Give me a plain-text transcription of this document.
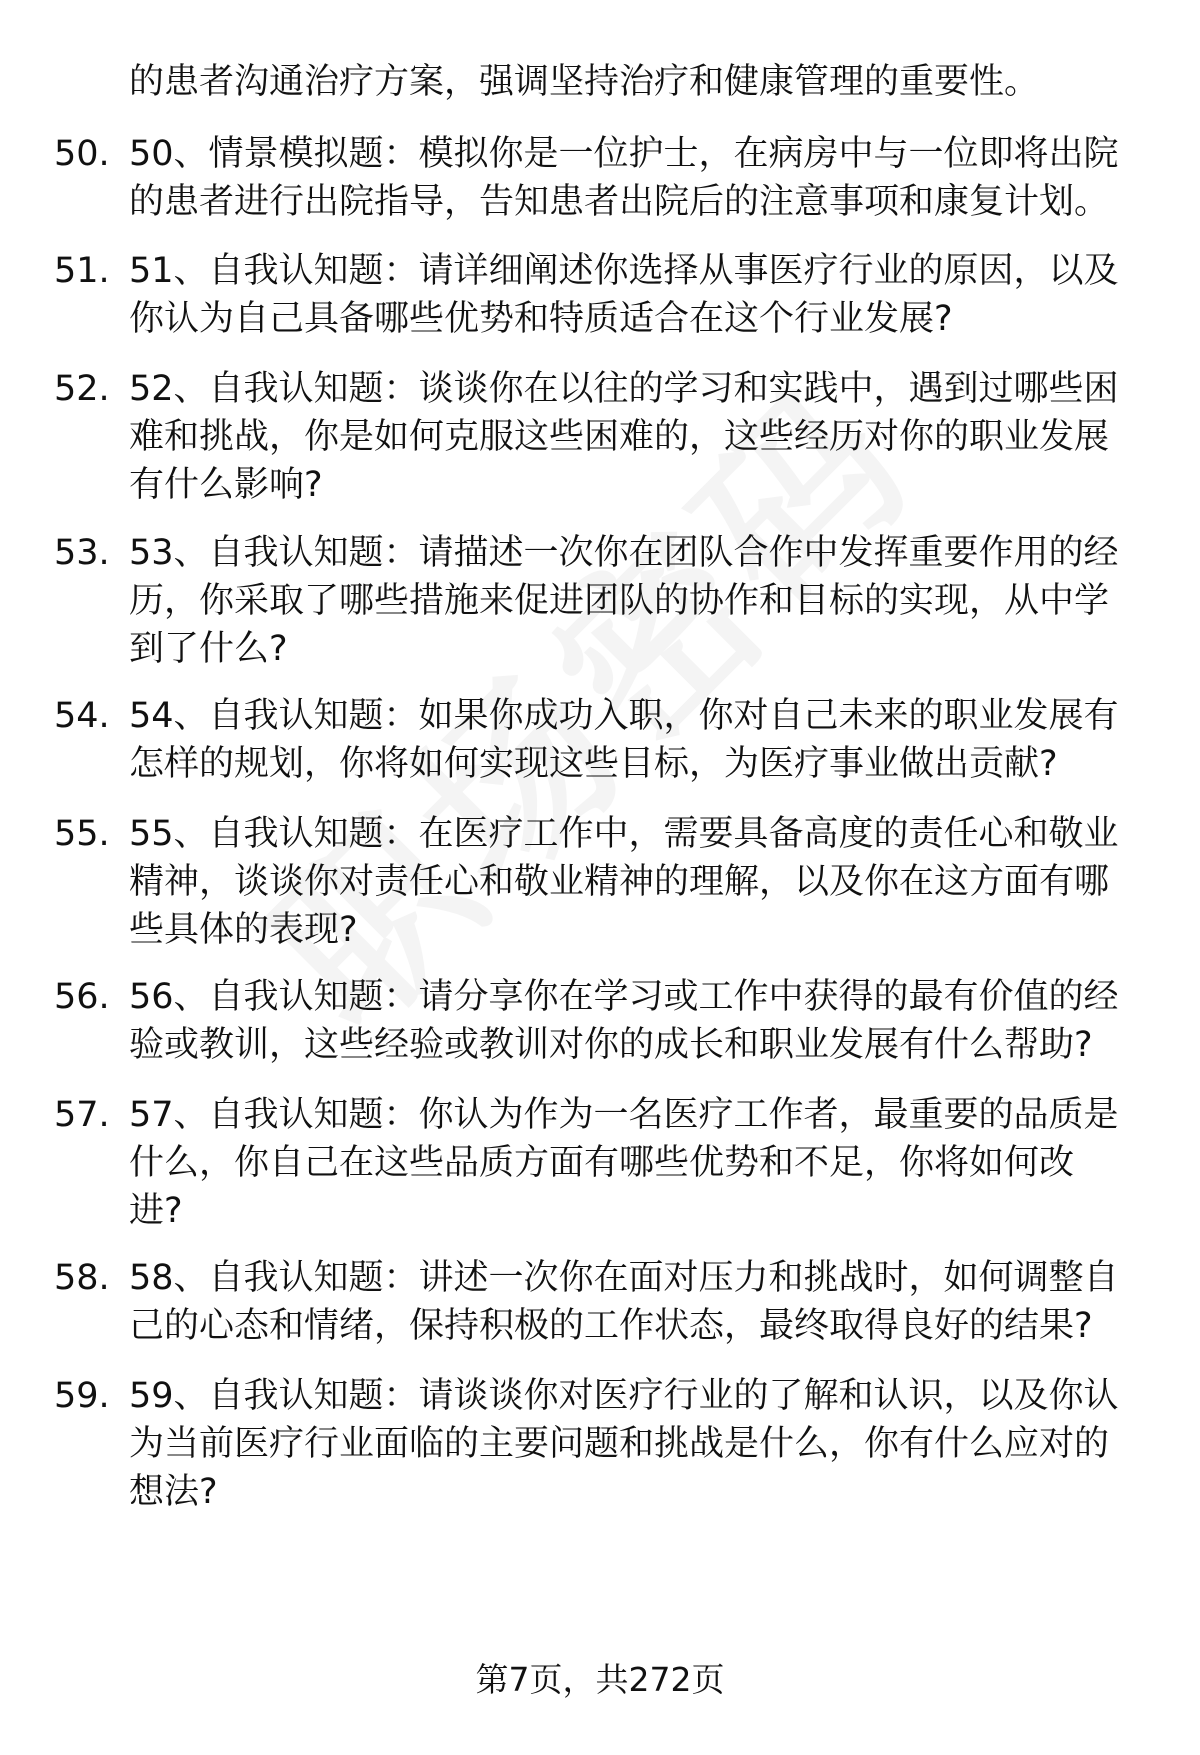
的患者沟通治疗方案，强调坚持治疗和健康管理的重要性。
50. 50、情景模拟题：模拟你是一位护士，在病房中与一位即将出院
的患者进行出院指导，告知患者出院后的注意事项和康复计划。
51. 51、自我认知题：请详细阐述你选择从事医疗行业的原因，以及
你认为自己具备哪些优势和特质适合在这个行业发展?
52. 52、自我认知题：谈谈你在以往的学习和实践中，遇到过哪些困
难和挑战，你是如何克服这些困难的，这些经历对你的职业发展
有什么影响?
53. 53、自我认知题：请描述一次你在团队合作中发挥重要作用的经
历，你采取了哪些措施来促进团队的协作和目标的实现，从中学
到了什么?
54. 54、自我认知题：如果你成功入职，你对自己未来的职业发展有
怎样的规划，你将如何实现这些目标，为医疗事业做出贡献?
55. 55、自我认知题：在医疗工作中，需要具备高度的责任心和敬业
精神，谈谈你对责任心和敬业精神的理解，以及你在这方面有哪
些具体的表现?
56. 56、自我认知题：请分享你在学习或工作中获得的最有价值的经
验或教训，这些经验或教训对你的成长和职业发展有什么帮助?
57. 57、自我认知题：你认为作为一名医疗工作者，最重要的品质是
什么，你自己在这些品质方面有哪些优势和不足，你将如何改
进?
58. 58、自我认知题：讲述一次你在面对压力和挑战时，如何调整自
己的心态和情绪，保持积极的工作状态，最终取得良好的结果?
59. 59、自我认知题：请谈谈你对医疗行业的了解和认识，以及你认
为当前医疗行业面临的主要问题和挑战是什么，你有什么应对的
想法?
第7页，共272页
